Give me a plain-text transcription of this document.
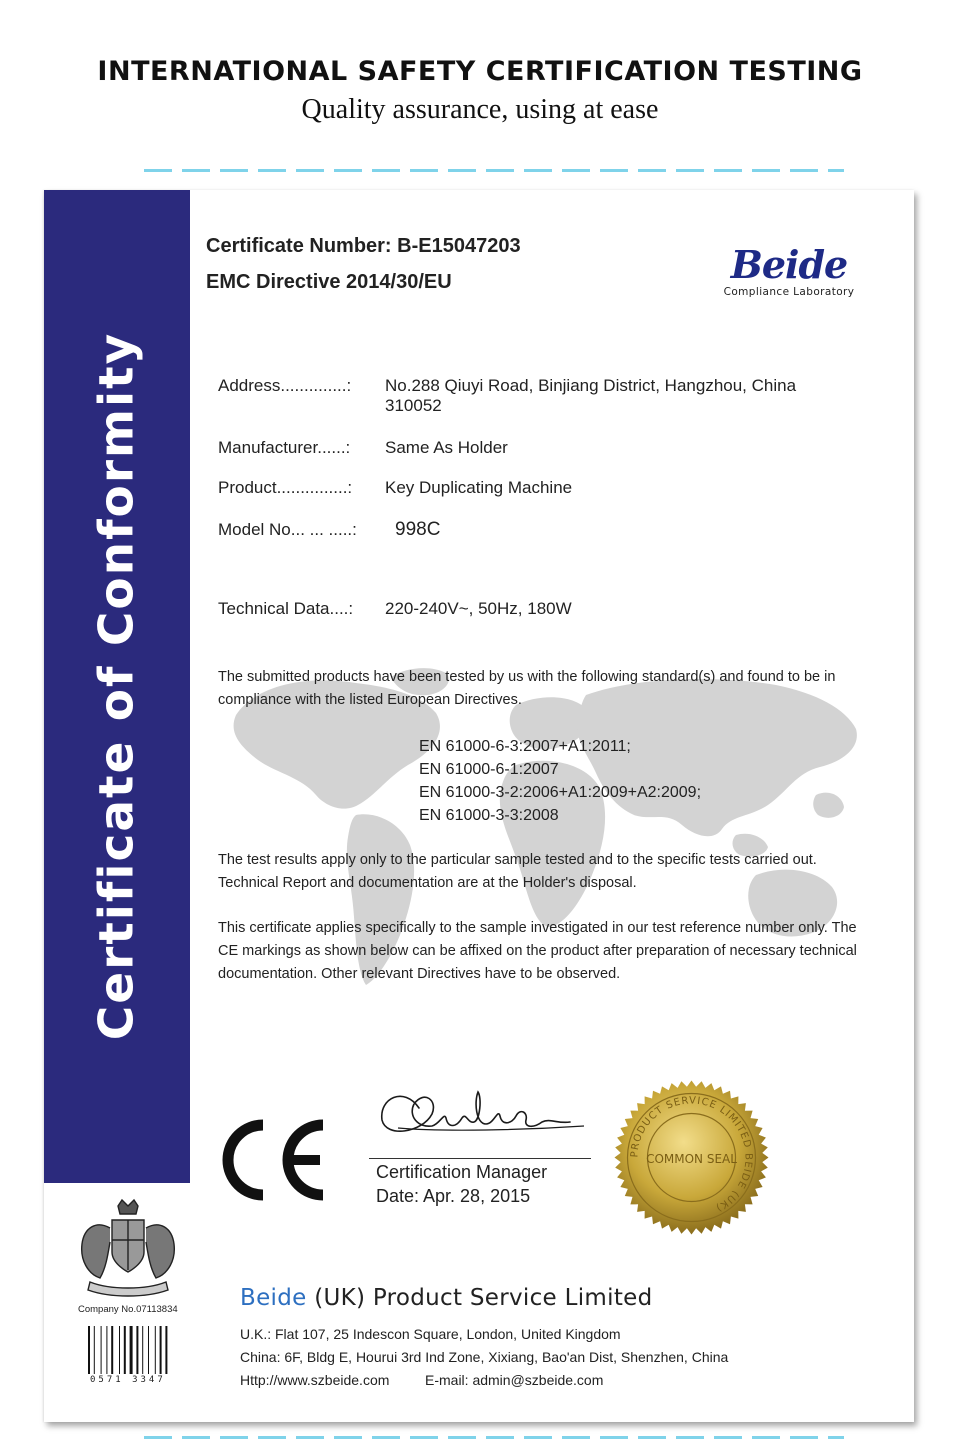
INTERNATIONAL SAFETY CERTIFICATION TESTING
Quality assurance, using at ease
Certificate of Conformity
Certificate Number: B-E15047203
EMC Directive 2014/30/EU	Beide
Compliance Laboratory
Address..............:	No.288 Qiuyi Road, Binjiang District, Hangzhou, China 310052
Manufacturer......:	Same As Holder
Product...............:	Key Duplicating Machine
Model No... ... .....:	998C
Technical Data....:	220-240V~, 50Hz, 180W
The submitted products have been tested by us with the following standard(s) and found to be in compliance with the listed European Directives.
EN 61000-6-3:2007+A1:2011;
EN 61000-6-1:2007
EN 61000-3-2:2006+A1:2009+A2:2009;
EN 61000-3-3:2008
The test results apply only to the particular sample tested and to the specific tests carried out. Technical Report and documentation are at the Holder's disposal.
This certificate applies specifically to the sample investigated in our test reference number only. The CE markings as shown below can be affixed on the product after preparation of necessary technical documentation. Other relevant Directives have to be observed.
Certification Manager
Date: Apr. 28, 2015
PRODUCT SERVICE LIMITED BEIDE (UK)
COMMON SEAL
Company No.07113834
0571 3347
Beide (UK) Product Service Limited
U.K.: Flat 107, 25 Indescon Square, London, United Kingdom
China: 6F, Bldg E, Hourui 3rd Ind Zone, Xixiang, Bao'an Dist, Shenzhen, China
Http://www.szbeide.com	E-mail: admin@szbeide.com
